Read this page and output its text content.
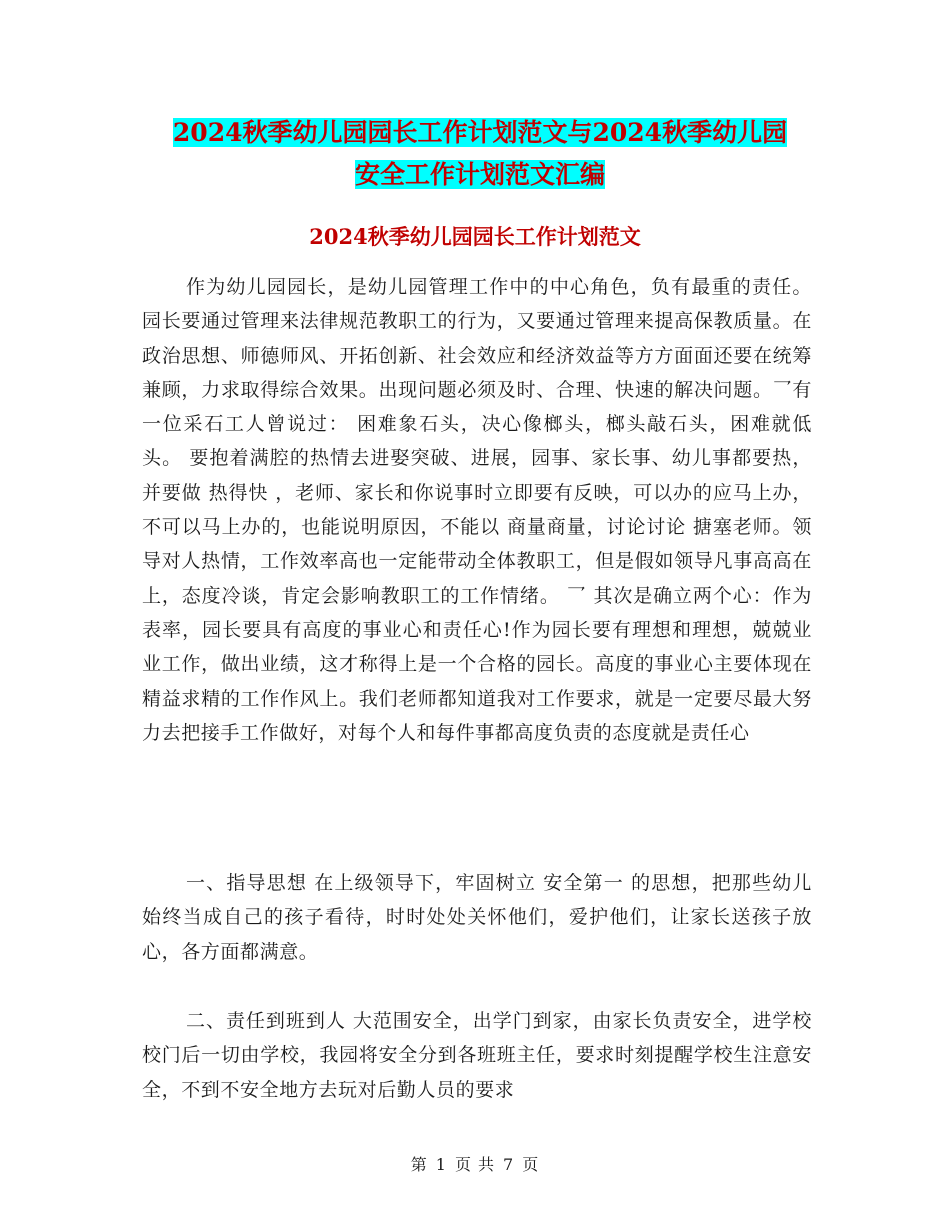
2024秋季幼儿园园长工作计划范文与2024秋季幼儿园
安全工作计划范文汇编
2024秋季幼儿园园长工作计划范文

作为幼儿园园长，是幼儿园管理工作中的中心角色，负有最重的责任。园长要通过管理来法律规范教职工的行为，又要通过管理来提高保教质量。在政治思想、师德师风、开拓创新、社会效应和经济效益等方方面面还要在统筹兼顾，力求取得综合效果。出现问题必须及时、合理、快速的解决问题。乛有一位采石工人曾说过： 困难象石头，决心像榔头，榔头敲石头，困难就低头。 要抱着满腔的热情去进娶突破、进展，园事、家长事、幼儿事都要热，并要做 热得快 ，老师、家长和你说事时立即要有反映，可以办的应马上办，不可以马上办的，也能说明原因，不能以 商量商量，讨论讨论 搪塞老师。领导对人热情，工作效率高也一定能带动全体教职工，但是假如领导凡事高高在上，态度冷谈，肯定会影响教职工的工作情绪。 乛 其次是确立两个心：作为表率，园长要具有高度的事业心和责任心!作为园长要有理想和理想，兢兢业业工作，做出业绩，这才称得上是一个合格的园长。高度的事业心主要体现在精益求精的工作作风上。我们老师都知道我对工作要求，就是一定要尽最大努力去把接手工作做好，对每个人和每件事都高度负责的态度就是责任心

一、指导思想 在上级领导下，牢固树立 安全第一 的思想，把那些幼儿始终当成自己的孩子看待，时时处处关怀他们，爱护他们，让家长送孩子放心，各方面都满意。

二、责任到班到人 大范围安全，出学门到家，由家长负责安全，进学校校门后一切由学校，我园将安全分到各班班主任，要求时刻提醒学校生注意安全，不到不安全地方去玩对后勤人员的要求

第 1 页 共 7 页
